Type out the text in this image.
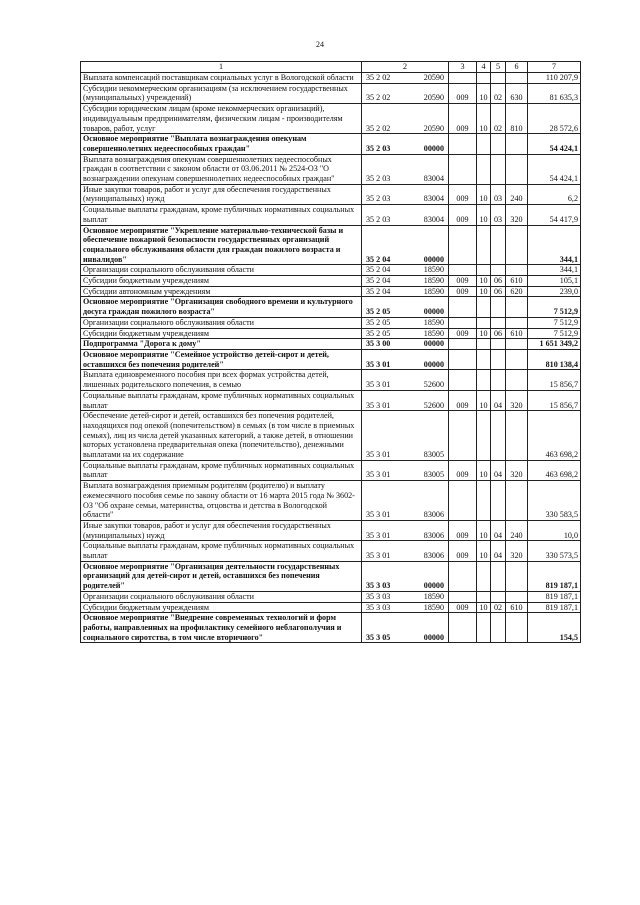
24
1	2	3	4	5	6	7
Выплата компенсаций поставщикам социальных услуг в Вологодской области	35 2 02 20590					110 207,9
Субсидии некоммерческим организациям (за исключением государственных (муниципальных) учреждений)	35 2 02 20590	009	10	02	630	81 635,3
Субсидии юридическим лицам (кроме некоммерческих организаций), индивидуальным предпринимателям, физическим лицам - производителям товаров, работ, услуг	35 2 02 20590	009	10	02	810	28 572,6
Основное мероприятие "Выплата вознаграждения опекунам совершеннолетних недееспособных граждан"	35 2 03 00000					54 424,1
Выплата вознаграждения опекунам совершеннолетних недееспособных граждан в соответствии с законом области от 03.06.2011 № 2524-ОЗ "О вознаграждении опекунам совершеннолетних недееспособных граждан"	35 2 03 83004					54 424,1
Иные закупки товаров, работ и услуг для обеспечения государственных (муниципальных) нужд	35 2 03 83004	009	10	03	240	6,2
Социальные выплаты гражданам, кроме публичных нормативных социальных выплат	35 2 03 83004	009	10	03	320	54 417,9
Основное мероприятие "Укрепление материально-технической базы и обеспечение пожарной безопасности государственных организаций социального обслуживания области для граждан пожилого возраста и инвалидов"	35 2 04 00000					344,1
Организации социального обслуживания области	35 2 04 18590					344,1
Субсидии бюджетным учреждениям	35 2 04 18590	009	10	06	610	105,1
Субсидии автономным учреждениям	35 2 04 18590	009	10	06	620	239,0
Основное мероприятие "Организация свободного времени и культурного досуга граждан пожилого возраста"	35 2 05 00000					7 512,9
Организации социального обслуживания области	35 2 05 18590					7 512,9
Субсидии бюджетным учреждениям	35 2 05 18590	009	10	06	610	7 512,9
Подпрограмма "Дорога к дому"	35 3 00 00000					1 651 349,2
Основное мероприятие "Семейное устройство детей-сирот и детей, оставшихся без попечения родителей"	35 3 01 00000					810 138,4
Выплата единовременного пособия при всех формах устройства детей, лишенных родительского попечения, в семью	35 3 01 52600					15 856,7
Социальные выплаты гражданам, кроме публичных нормативных социальных выплат	35 3 01 52600	009	10	04	320	15 856,7
Обеспечение детей-сирот и детей, оставшихся без попечения родителей, находящихся под опекой (попечительством) в семьях (в том числе в приемных семьях), лиц из числа детей указанных категорий, а также детей, в отношении которых установлена предварительная опека (попечительство), денежными выплатами на их содержание	35 3 01 83005					463 698,2
Социальные выплаты гражданам, кроме публичных нормативных социальных выплат	35 3 01 83005	009	10	04	320	463 698,2
Выплата вознаграждения приемным родителям (родителю) и выплату ежемесячного пособия семье по закону области от 16 марта 2015 года № 3602-ОЗ "Об охране семьи, материнства, отцовства и детства в Вологодской области"	35 3 01 83006					330 583,5
Иные закупки товаров, работ и услуг для обеспечения государственных (муниципальных) нужд	35 3 01 83006	009	10	04	240	10,0
Социальные выплаты гражданам, кроме публичных нормативных социальных выплат	35 3 01 83006	009	10	04	320	330 573,5
Основное мероприятие "Организация деятельности государственных организаций для детей-сирот и детей, оставшихся без попечения родителей"	35 3 03 00000					819 187,1
Организации социального обслуживания области	35 3 03 18590					819 187,1
Субсидии бюджетным учреждениям	35 3 03 18590	009	10	02	610	819 187,1
Основное мероприятие "Внедрение современных технологий и форм работы, направленных на профилактику семейного неблагополучия и социального сиротства, в том числе вторичного"	35 3 05 00000					154,5
